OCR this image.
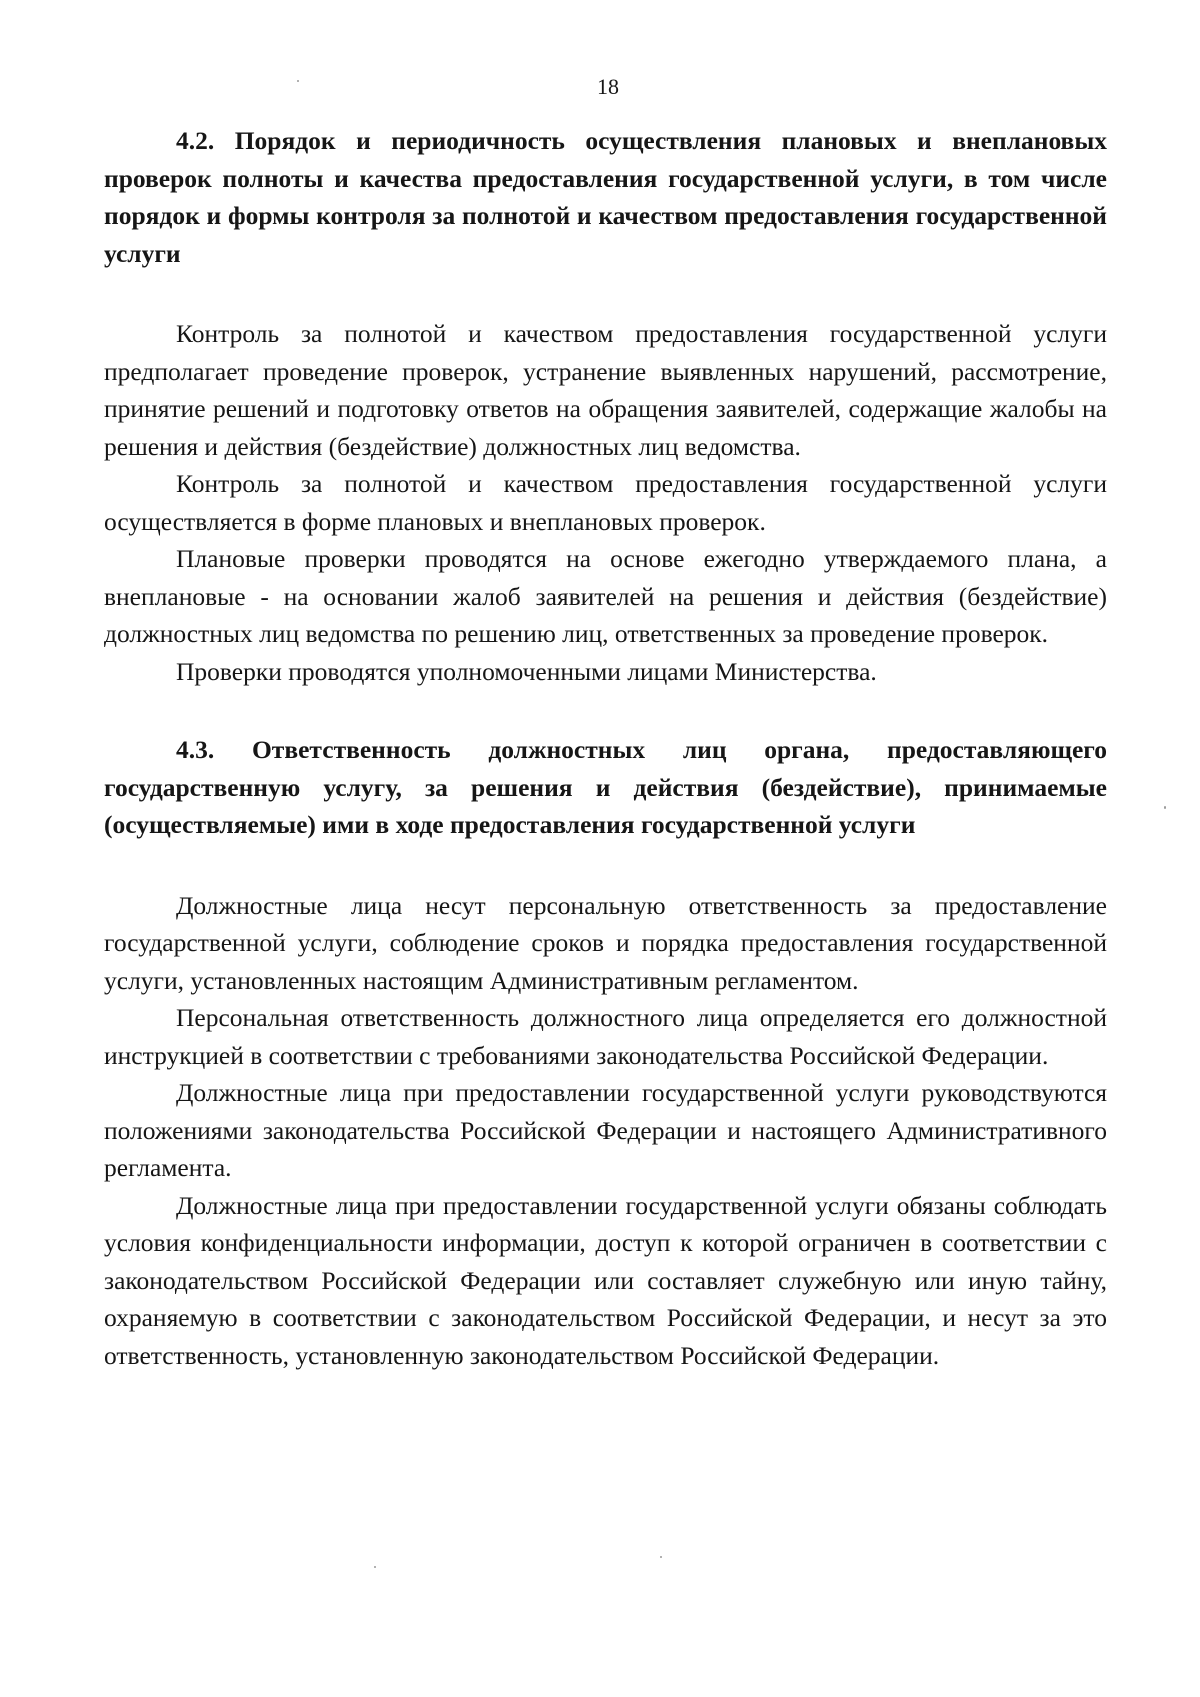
18

4.2. Порядок и периодичность осуществления плановых и внеплановых проверок полноты и качества предоставления государственной услуги, в том числе порядок и формы контроля за полнотой и качеством предоставления государственной услуги

Контроль за полнотой и качеством предоставления государственной услуги предполагает проведение проверок, устранение выявленных нарушений, рассмотрение, принятие решений и подготовку ответов на обращения заявителей, содержащие жалобы на решения и действия (бездействие) должностных лиц ведомства.

Контроль за полнотой и качеством предоставления государственной услуги осуществляется в форме плановых и внеплановых проверок.

Плановые проверки проводятся на основе ежегодно утверждаемого плана, а внеплановые - на основании жалоб заявителей на решения и действия (бездействие) должностных лиц ведомства по решению лиц, ответственных за проведение проверок.

Проверки проводятся уполномоченными лицами Министерства.

4.3. Ответственность должностных лиц органа, предоставляющего государственную услугу, за решения и действия (бездействие), принимаемые (осуществляемые) ими в ходе предоставления государственной услуги

Должностные лица несут персональную ответственность за предоставление государственной услуги, соблюдение сроков и порядка предоставления государственной услуги, установленных настоящим Административным регламентом.

Персональная ответственность должностного лица определяется его должностной инструкцией в соответствии с требованиями законодательства Российской Федерации.

Должностные лица при предоставлении государственной услуги руководствуются положениями законодательства Российской Федерации и настоящего Административного регламента.

Должностные лица при предоставлении государственной услуги обязаны соблюдать условия конфиденциальности информации, доступ к которой ограничен в соответствии с законодательством Российской Федерации или составляет служебную или иную тайну, охраняемую в соответствии с законодательством Российской Федерации, и несут за это ответственность, установленную законодательством Российской Федерации.
